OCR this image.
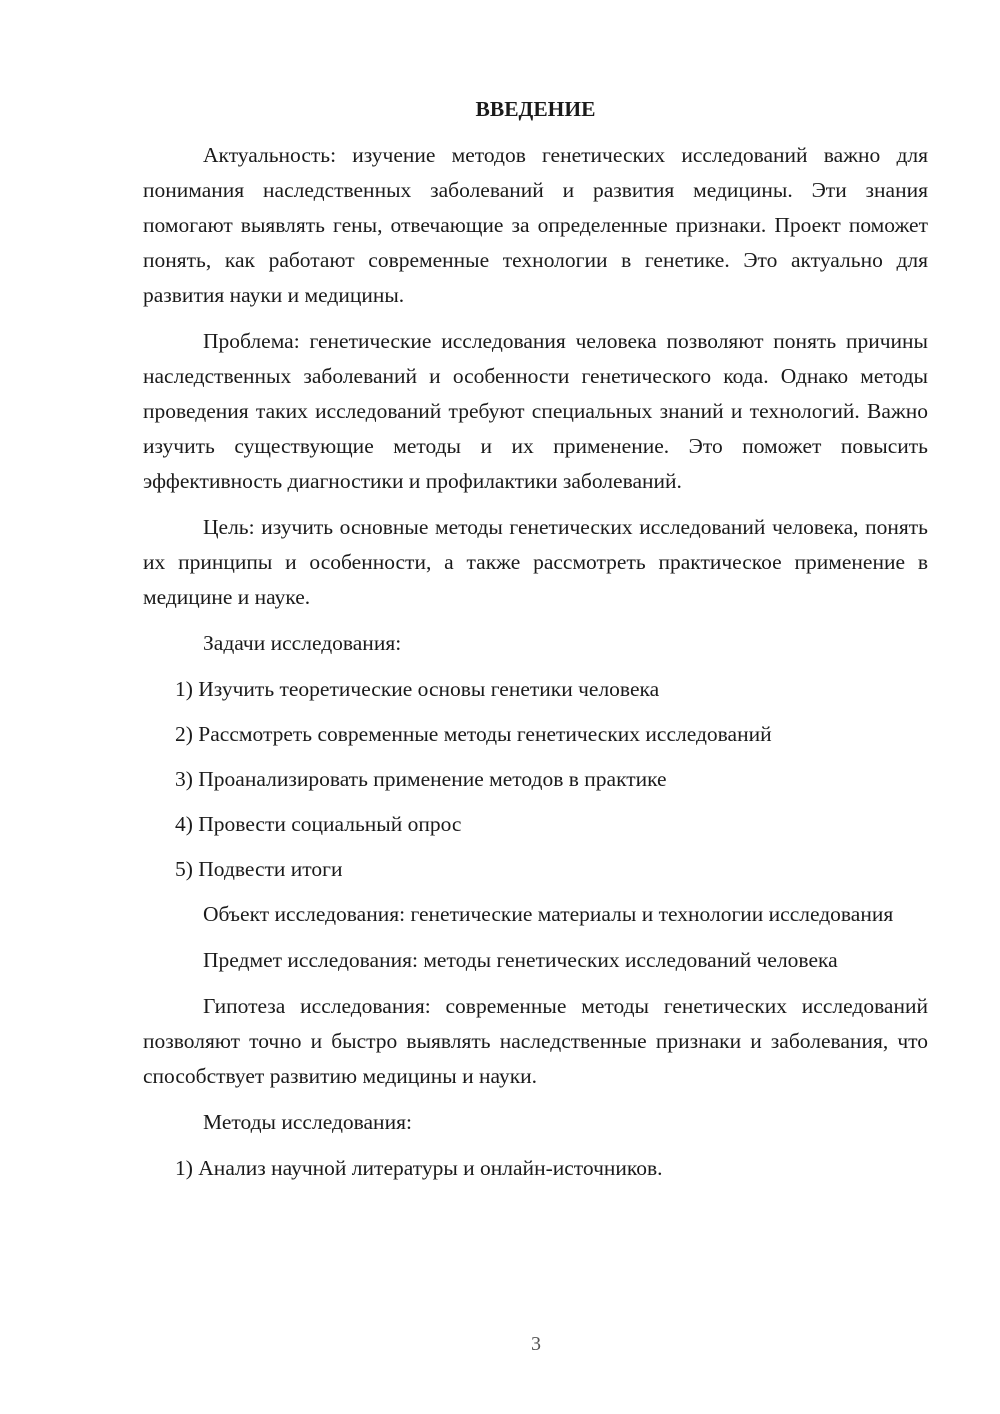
ВВЕДЕНИЕ

Актуальность: изучение методов генетических исследований важно для понимания наследственных заболеваний и развития медицины. Эти знания помогают выявлять гены, отвечающие за определенные признаки. Проект поможет понять, как работают современные технологии в генетике. Это актуально для развития науки и медицины.

Проблема: генетические исследования человека позволяют понять причины наследственных заболеваний и особенности генетического кода. Однако методы проведения таких исследований требуют специальных знаний и технологий. Важно изучить существующие методы и их применение. Это поможет повысить эффективность диагностики и профилактики заболеваний.

Цель: изучить основные методы генетических исследований человека, понять их принципы и особенности, а также рассмотреть практическое применение в медицине и науке.

Задачи исследования:

1) Изучить теоретические основы генетики человека
2) Рассмотреть современные методы генетических исследований
3) Проанализировать применение методов в практике
4) Провести социальный опрос
5) Подвести итоги

Объект исследования: генетические материалы и технологии исследования

Предмет исследования: методы генетических исследований человека

Гипотеза исследования: современные методы генетических исследований позволяют точно и быстро выявлять наследственные признаки и заболевания, что способствует развитию медицины и науки.

Методы исследования:

1) Анализ научной литературы и онлайн-источников.
3
